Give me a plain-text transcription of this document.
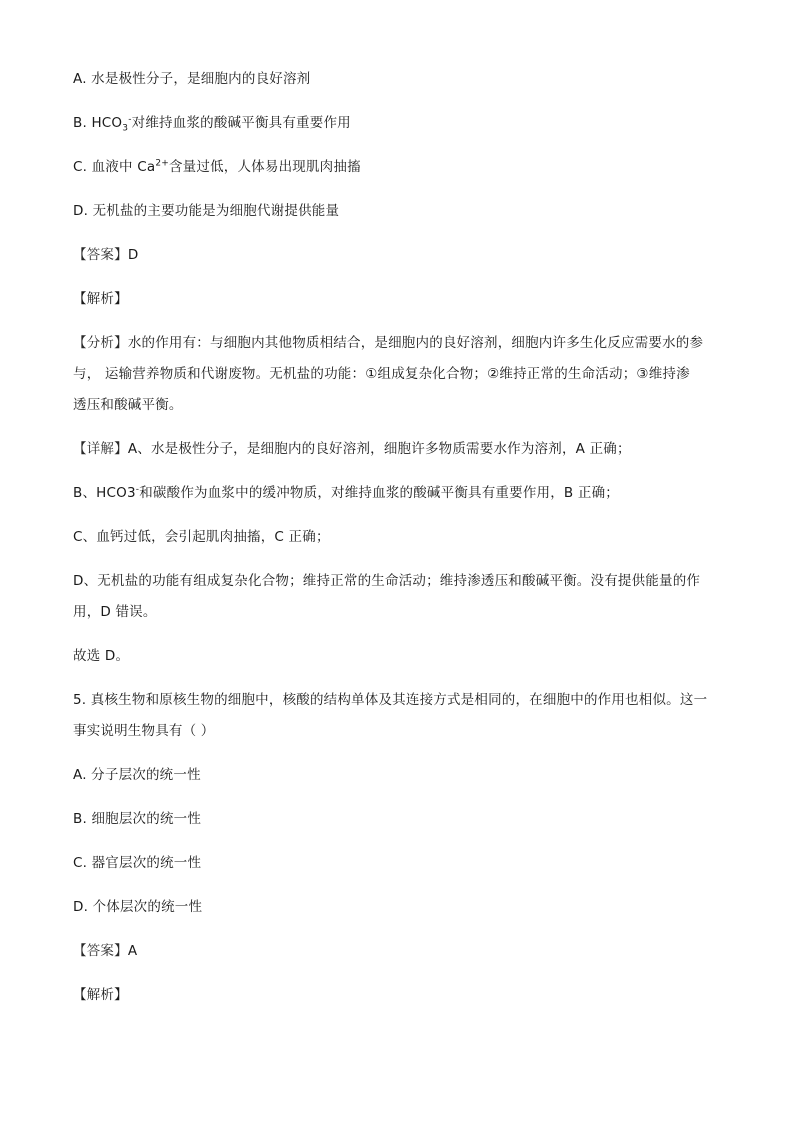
A. 水是极性分子，是细胞内的良好溶剂
B. $HCO_3^-$对维持血浆的酸碱平衡具有重要作用
C. 血液中 $Ca^{2+}$含量过低，人体易出现肌肉抽搐
D. 无机盐的主要功能是为细胞代谢提供能量
【答案】D
【解析】
【分析】水的作用有：与细胞内其他物质相结合，是细胞内的良好溶剂，细胞内许多生化反应需要水的参
与， 运输营养物质和代谢废物。无机盐的功能：①组成复杂化合物；②维持正常的生命活动；③维持渗
透压和酸碱平衡。
【详解】A、水是极性分子，是细胞内的良好溶剂，细胞许多物质需要水作为溶剂，A 正确；
B、HCO3-和碳酸作为血浆中的缓冲物质，对维持血浆的酸碱平衡具有重要作用，B 正确；
C、血钙过低，会引起肌肉抽搐，C 正确；
D、无机盐的功能有组成复杂化合物；维持正常的生命活动；维持渗透压和酸碱平衡。没有提供能量的作
用，D 错误。
故选 D。
5. 真核生物和原核生物的细胞中，核酸的结构单体及其连接方式是相同的，在细胞中的作用也相似。这一
事实说明生物具有（ ）
A. 分子层次的统一性
B. 细胞层次的统一性
C. 器官层次的统一性
D. 个体层次的统一性
【答案】A
【解析】
